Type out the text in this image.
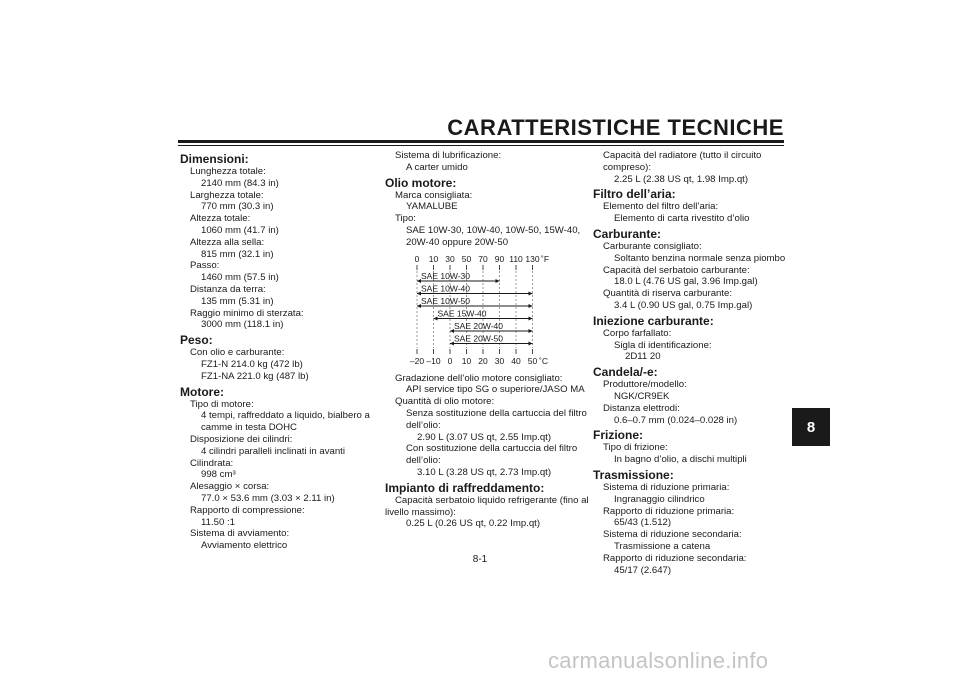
CARATTERISTICHE TECNICHE
8
Dimensioni:
Lunghezza totale:
2140 mm (84.3 in)
Larghezza totale:
770 mm (30.3 in)
Altezza totale:
1060 mm (41.7 in)
Altezza alla sella:
815 mm (32.1 in)
Passo:
1460 mm (57.5 in)
Distanza da terra:
135 mm (5.31 in)
Raggio minimo di sterzata:
3000 mm (118.1 in)
Peso:
Con olio e carburante:
FZ1-N 214.0 kg (472 lb)
FZ1-NA 221.0 kg (487 lb)
Motore:
Tipo di motore:
4 tempi, raffreddato a liquido, bialbero a
camme in testa DOHC
Disposizione dei cilindri:
4 cilindri paralleli inclinati in avanti
Cilindrata:
998 cm³
Alesaggio × corsa:
77.0 × 53.6 mm (3.03 × 2.11 in)
Rapporto di compressione:
11.50 :1
Sistema di avviamento:
Avviamento elettrico
Sistema di lubrificazione:
A carter umido
Olio motore:
Marca consigliata:
YAMALUBE
Tipo:
SAE 10W-30, 10W-40, 10W-50, 15W-40,
20W-40 oppure 20W-50
0 10 30 50 70 90 110 130 ˚F
–20 –10 0 10 20 30 40 50 ˚C
SAE 10W-30
SAE 10W-40
SAE 10W-50
SAE 15W-40
SAE 20W-40
SAE 20W-50
Gradazione dell’olio motore consigliato:
API service tipo SG o superiore/JASO MA
Quantità di olio motore:
Senza sostituzione della cartuccia del filtro
dell’olio:
2.90 L (3.07 US qt, 2.55 Imp.qt)
Con sostituzione della cartuccia del filtro
dell’olio:
3.10 L (3.28 US qt, 2.73 Imp.qt)
Impianto di raffreddamento:
Capacità serbatoio liquido refrigerante (fino al
livello massimo):
0.25 L (0.26 US qt, 0.22 Imp.qt)
Capacità del radiatore (tutto il circuito
compreso):
2.25 L (2.38 US qt, 1.98 Imp.qt)
Filtro dell’aria:
Elemento del filtro dell’aria:
Elemento di carta rivestito d’olio
Carburante:
Carburante consigliato:
Soltanto benzina normale senza piombo
Capacità del serbatoio carburante:
18.0 L (4.76 US gal, 3.96 Imp.gal)
Quantità di riserva carburante:
3.4 L (0.90 US gal, 0.75 Imp.gal)
Iniezione carburante:
Corpo farfallato:
Sigla di identificazione:
2D11 20
Candela/-e:
Produttore/modello:
NGK/CR9EK
Distanza elettrodi:
0.6–0.7 mm (0.024–0.028 in)
Frizione:
Tipo di frizione:
In bagno d’olio, a dischi multipli
Trasmissione:
Sistema di riduzione primaria:
Ingranaggio cilindrico
Rapporto di riduzione primaria:
65/43 (1.512)
Sistema di riduzione secondaria:
Trasmissione a catena
Rapporto di riduzione secondaria:
45/17 (2.647)
8-1
carmanualsonline.info
